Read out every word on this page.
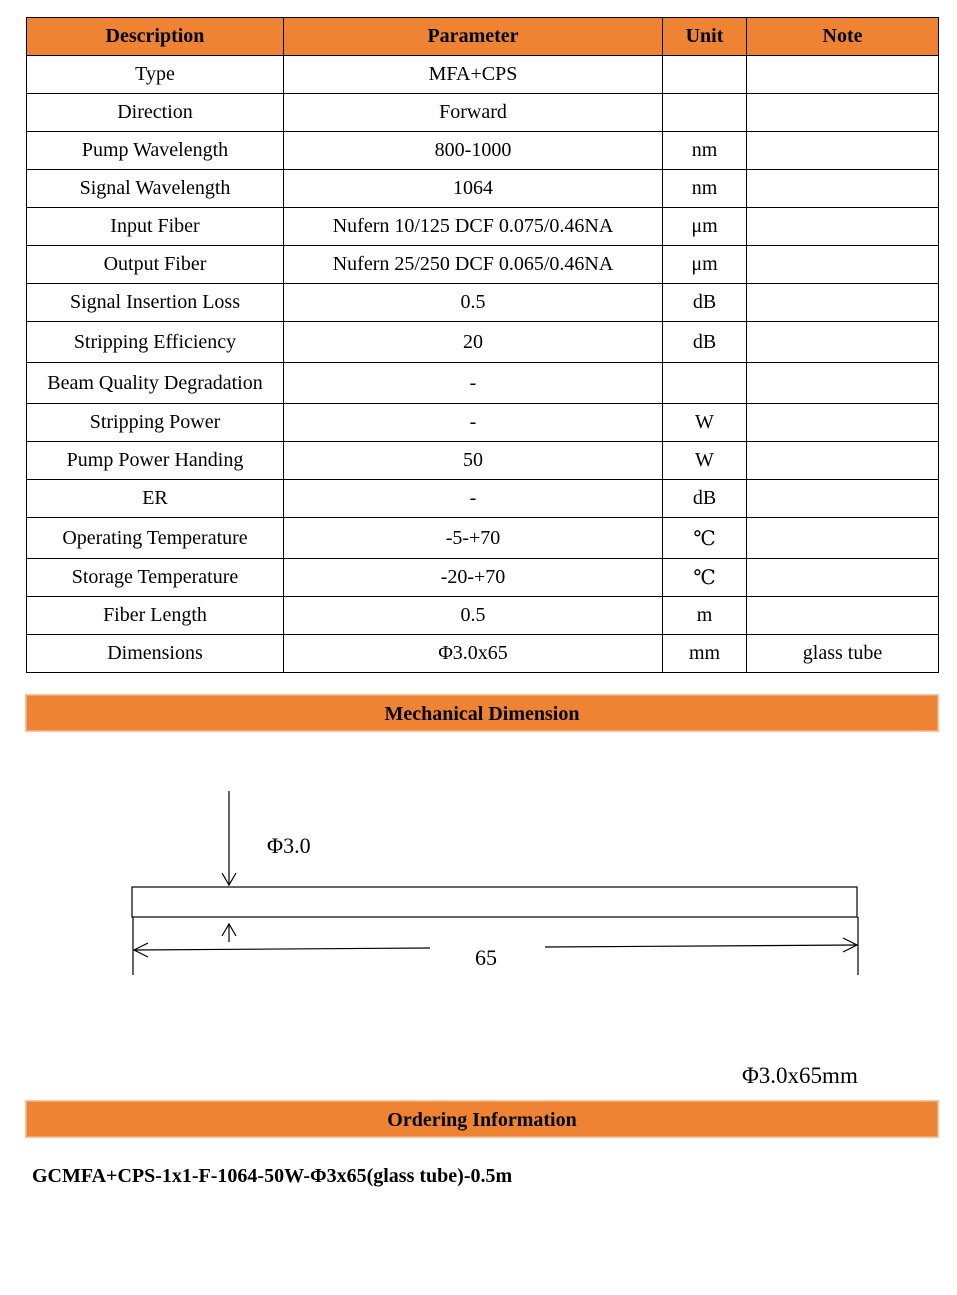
Description	Parameter	Unit	Note
Type	MFA+CPS		
Direction	Forward		
Pump Wavelength	800-1000	nm	
Signal Wavelength	1064	nm	
Input Fiber	Nufern 10/125 DCF 0.075/0.46NA	μm	
Output Fiber	Nufern 25/250 DCF 0.065/0.46NA	μm	
Signal Insertion Loss	0.5	dB	
Stripping Efficiency	20	dB	
Beam Quality Degradation	-		
Stripping Power	-	W	
Pump Power Handing	50	W	
ER	-	dB	
Operating Temperature	-5-+70	℃	
Storage Temperature	-20-+70	℃	
Fiber Length	0.5	m	
Dimensions	Φ3.0x65	mm	glass tube
Mechanical Dimension
Φ3.0
65
Φ3.0x65mm
Ordering Information
GCMFA+CPS-1x1-F-1064-50W-Φ3x65(glass tube)-0.5m
